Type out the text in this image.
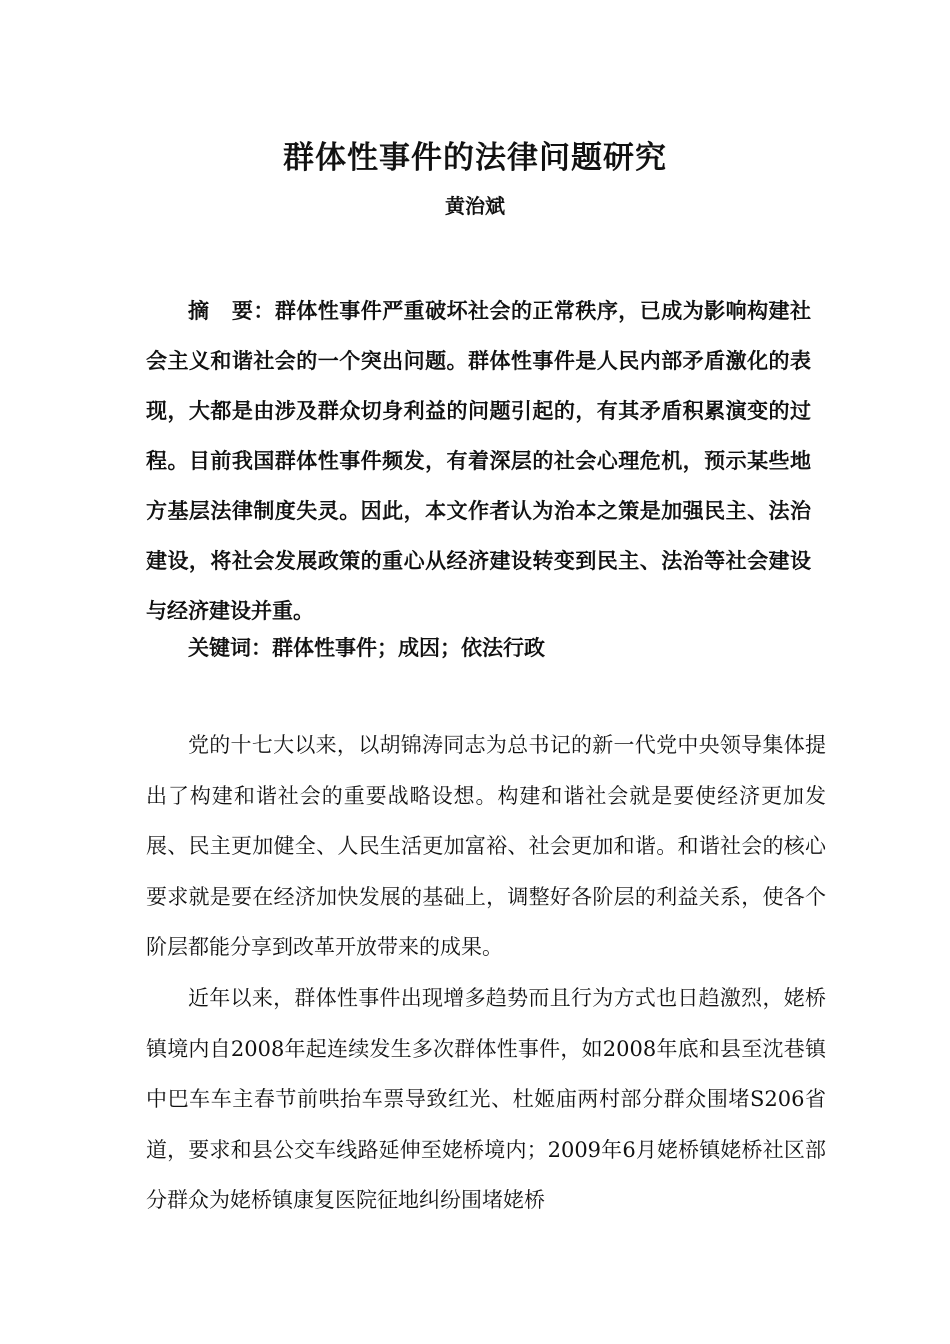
群体性事件的法律问题研究
黄治斌

摘 要：群体性事件严重破坏社会的正常秩序，已成为影响构建社会主义和谐社会的一个突出问题。群体性事件是人民内部矛盾激化的表现，大都是由涉及群众切身利益的问题引起的，有其矛盾积累演变的过程。目前我国群体性事件频发，有着深层的社会心理危机，预示某些地方基层法律制度失灵。因此，本文作者认为治本之策是加强民主、法治建设，将社会发展政策的重心从经济建设转变到民主、法治等社会建设与经济建设并重。

关键词：群体性事件；成因；依法行政

党的十七大以来，以胡锦涛同志为总书记的新一代党中央领导集体提出了构建和谐社会的重要战略设想。构建和谐社会就是要使经济更加发展、民主更加健全、人民生活更加富裕、社会更加和谐。和谐社会的核心要求就是要在经济加快发展的基础上，调整好各阶层的利益关系，使各个阶层都能分享到改革开放带来的成果。

近年以来，群体性事件出现增多趋势而且行为方式也日趋激烈，姥桥镇境内自2008年起连续发生多次群体性事件，如2008年底和县至沈巷镇中巴车车主春节前哄抬车票导致红光、杜姬庙两村部分群众围堵S206省道，要求和县公交车线路延伸至姥桥境内；2009年6月姥桥镇姥桥社区部分群众为姥桥镇康复医院征地纠纷围堵姥桥
